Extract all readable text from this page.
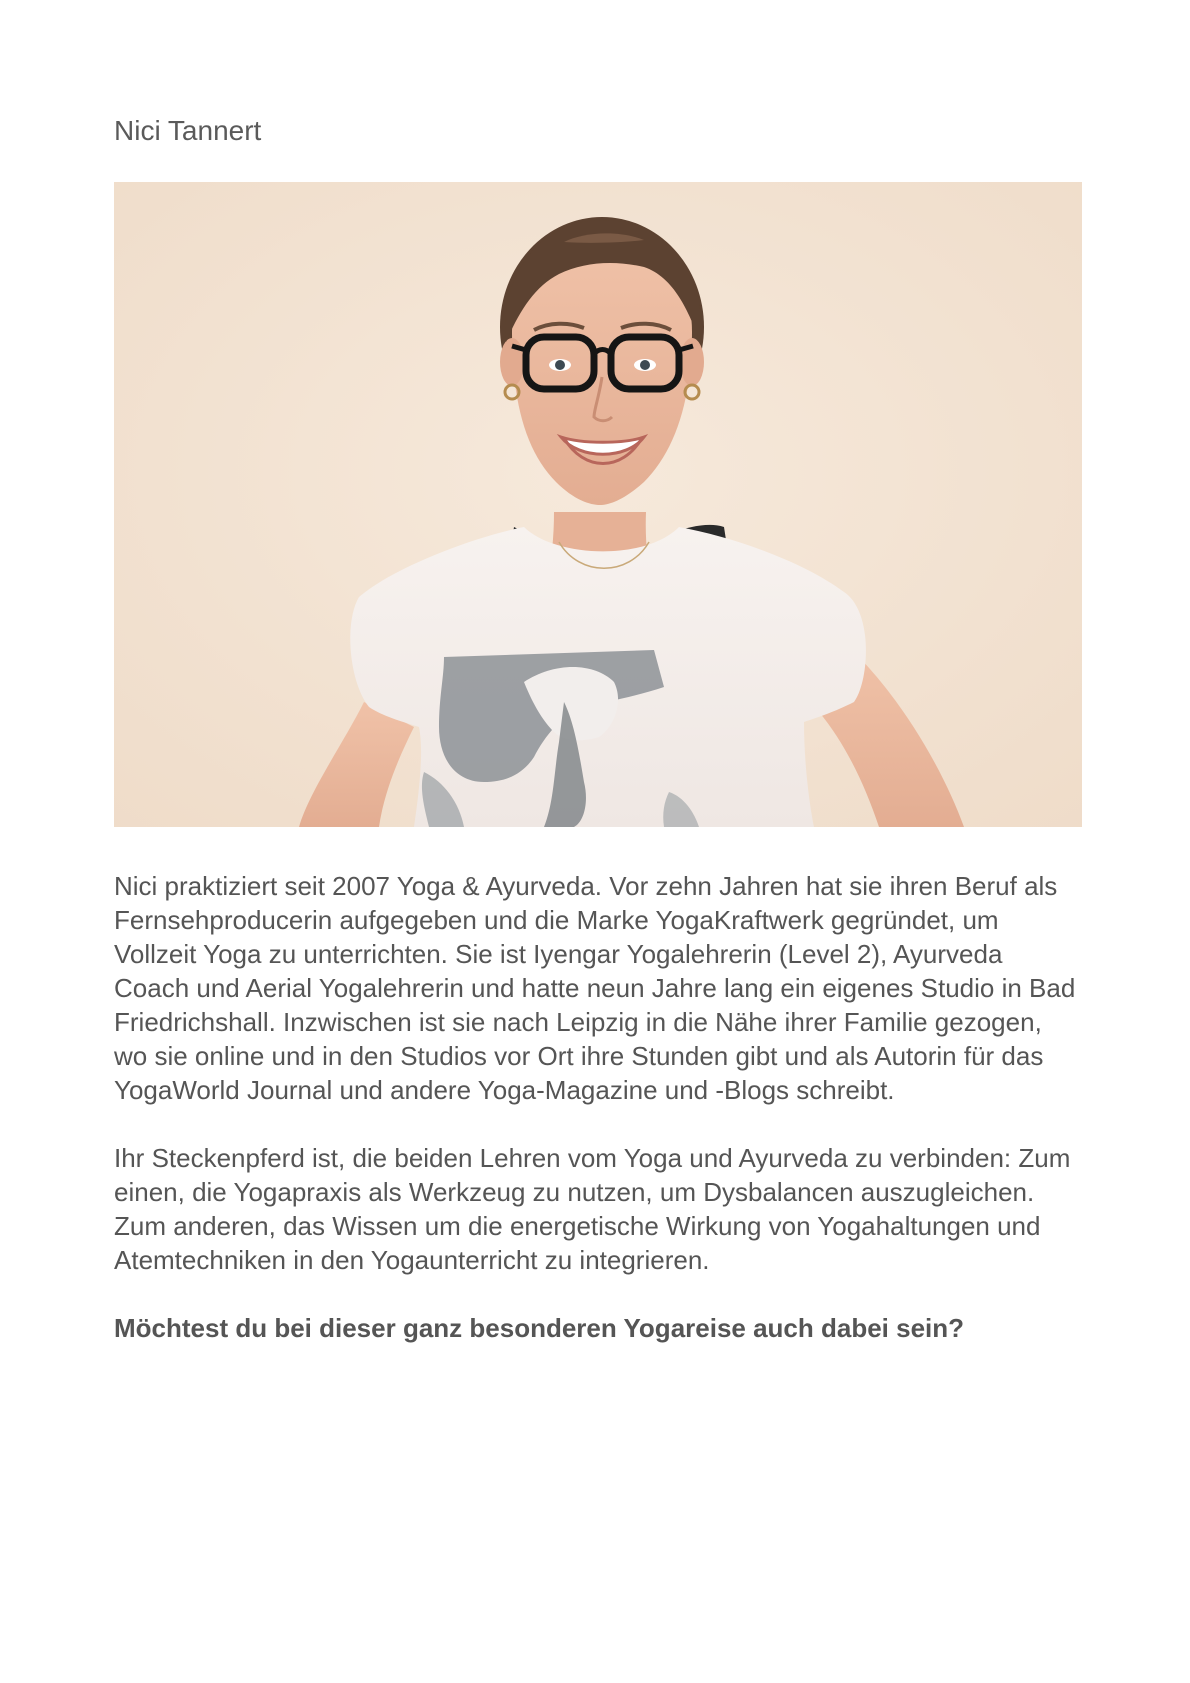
Nici Tannert

Nici praktiziert seit 2007 Yoga & Ayurveda. Vor zehn Jahren hat sie ihren Beruf als Fernsehproducerin aufgegeben und die Marke YogaKraftwerk gegründet, um Vollzeit Yoga zu unterrichten. Sie ist Iyengar Yogalehrerin (Level 2), Ayurveda Coach und Aerial Yogalehrerin und hatte neun Jahre lang ein eigenes Studio in Bad Friedrichshall. Inzwischen ist sie nach Leipzig in die Nähe ihrer Familie gezogen, wo sie online und in den Studios vor Ort ihre Stunden gibt und als Autorin für das YogaWorld Journal und andere Yoga-Magazine und -Blogs schreibt.

Ihr Steckenpferd ist, die beiden Lehren vom Yoga und Ayurveda zu verbinden: Zum einen, die Yogapraxis als Werkzeug zu nutzen, um Dysbalancen auszugleichen. Zum anderen, das Wissen um die energetische Wirkung von Yogahaltungen und Atemtechniken in den Yogaunterricht zu integrieren.

Möchtest du bei dieser ganz besonderen Yogareise auch dabei sein?
